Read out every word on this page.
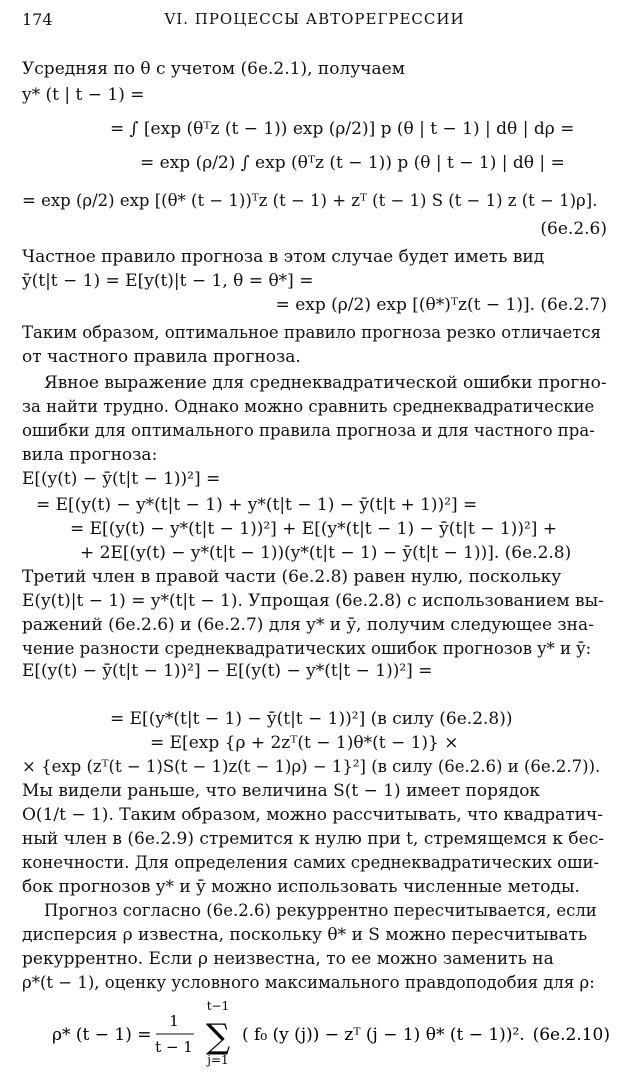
174	VI. ПРОЦЕССЫ АВТОРЕГРЕССИИ
Усредняя по θ с учетом (6е.2.1), получаем
y* (t | t − 1) =
= ∫ [exp (θᵀz (t − 1)) exp (ρ/2)] p (θ | t − 1) | dθ | dρ =
= exp (ρ/2) ∫ exp (θᵀz (t − 1)) p (θ | t − 1) | dθ | =
= exp (ρ/2) exp [(θ* (t − 1))ᵀz (t − 1) + zᵀ (t − 1) S (t − 1) z (t − 1)ρ].
(6е.2.6)
Частное правило прогноза в этом случае будет иметь вид
ȳ(t|t − 1) = E[y(t)|t − 1, θ = θ*] =
= exp (ρ/2) exp [(θ*)ᵀz(t − 1)]. (6е.2.7)
Таким образом, оптимальное правило прогноза резко отличается
от частного правила прогноза.
Явное выражение для среднеквадратической ошибки прогно-
за найти трудно. Однако можно сравнить среднеквадратические
ошибки для оптимального правила прогноза и для частного пра-
вила прогноза:
E[(y(t) − ȳ(t|t − 1))²] =
= E[(y(t) − y*(t|t − 1) + y*(t|t − 1) − ȳ(t|t + 1))²] =
= E[(y(t) − y*(t|t − 1))²] + E[(y*(t|t − 1) − ȳ(t|t − 1))²] +
+ 2E[(y(t) − y*(t|t − 1))(y*(t|t − 1) − ȳ(t|t − 1))]. (6е.2.8)
Третий член в правой части (6е.2.8) равен нулю, поскольку
E(y(t)|t − 1) = y*(t|t − 1). Упрощая (6е.2.8) с использованием вы-
ражений (6е.2.6) и (6е.2.7) для y* и ȳ, получим следующее зна-
чение разности среднеквадратических ошибок прогнозов y* и ȳ:
E[(y(t) − ȳ(t|t − 1))²] − E[(y(t) − y*(t|t − 1))²] =
= E[(y*(t|t − 1) − ȳ(t|t − 1))²] (в силу (6е.2.8))
= E[exp {ρ + 2zᵀ(t − 1)θ*(t − 1)} ×
× {exp (zᵀ(t − 1)S(t − 1)z(t − 1)ρ) − 1}²] (в силу (6е.2.6) и (6е.2.7)).
Мы видели раньше, что величина S(t − 1) имеет порядок
O(1/t − 1). Таким образом, можно рассчитывать, что квадратич-
ный член в (6е.2.9) стремится к нулю при t, стремящемся к бес-
конечности. Для определения самих среднеквадратических оши-
бок прогнозов y* и ȳ можно использовать численные методы.
Прогноз согласно (6е.2.6) рекуррентно пересчитывается, если
дисперсия ρ известна, поскольку θ* и S можно пересчитывать
рекуррентно. Если ρ неизвестна, то ее можно заменить на
ρ*(t − 1), оценку условного максимального правдоподобия для ρ:
ρ* (t − 1) =
1
t − 1
t−1
∑
j=1
( f₀ (y (j)) − zᵀ (j − 1) θ* (t − 1))². (6е.2.10)
